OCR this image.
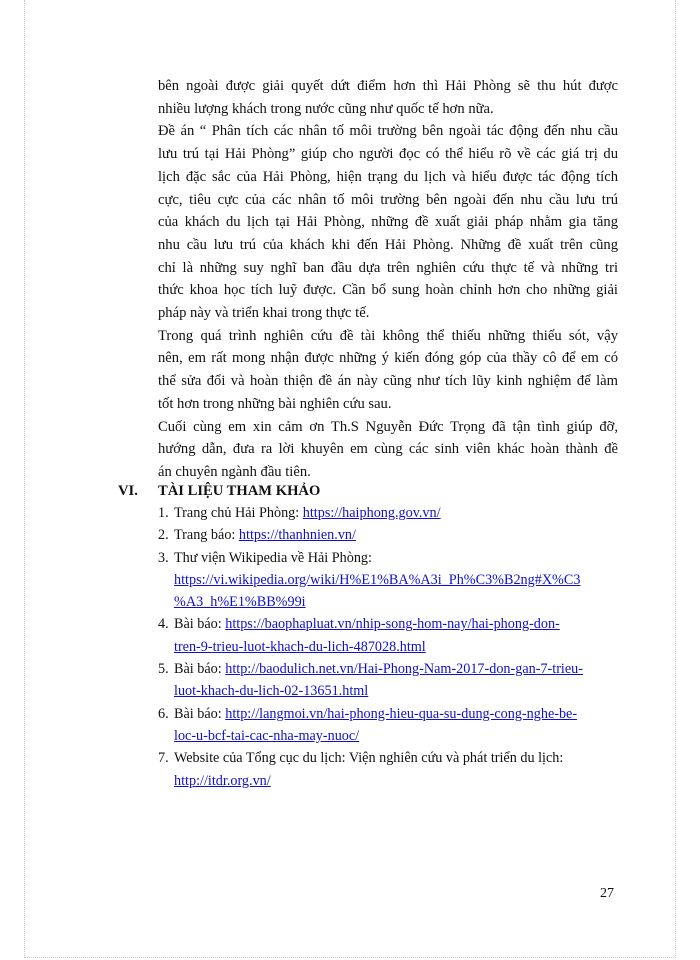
bên ngoài được giải quyết dứt điểm hơn thì Hải Phòng sẽ thu hút được
nhiều lượng khách trong nước cũng như quốc tế hơn nữa.

Đề án “ Phân tích các nhân tố môi trường bên ngoài tác động đến nhu cầu
lưu trú tại Hải Phòng” giúp cho người đọc có thể hiểu rõ về các giá trị du
lịch đặc sắc của Hải Phòng, hiện trạng du lịch và hiểu được tác động tích
cực, tiêu cực của các nhân tố môi trường bên ngoài đến nhu cầu lưu trú
của khách du lịch tại Hải Phòng, những đề xuất giải pháp nhằm gia tăng
nhu cầu lưu trú của khách khi đến Hải Phòng. Những đề xuất trên cũng
chỉ là những suy nghĩ ban đầu dựa trên nghiên cứu thực tế và những tri
thức khoa học tích luỹ được. Cần bổ sung hoàn chỉnh hơn cho những giải
pháp này và triển khai trong thực tế.

Trong quá trình nghiên cứu đề tài không thể thiếu những thiếu sót, vậy
nên, em rất mong nhận được những ý kiến đóng góp của thầy cô để em có
thể sửa đổi và hoàn thiện đề án này cũng như tích lũy kinh nghiệm để làm
tốt hơn trong những bài nghiên cứu sau.

Cuối cùng em xin cảm ơn Th.S Nguyễn Đức Trọng đã tận tình giúp đỡ,
hướng dẫn, đưa ra lời khuyên em cùng các sinh viên khác hoàn thành đề
án chuyên ngành đầu tiên.

VI. TÀI LIỆU THAM KHẢO
1. Trang chủ Hải Phòng: https://haiphong.gov.vn/
2. Trang báo: https://thanhnien.vn/
3. Thư viện Wikipedia về Hải Phòng:
https://vi.wikipedia.org/wiki/H%E1%BA%A3i_Ph%C3%B2ng#X%C3
%A3_h%E1%BB%99i
4. Bài báo: https://baophapluat.vn/nhip-song-hom-nay/hai-phong-don-
tren-9-trieu-luot-khach-du-lich-487028.html
5. Bài báo: http://baodulich.net.vn/Hai-Phong-Nam-2017-don-gan-7-trieu-
luot-khach-du-lich-02-13651.html
6. Bài báo: http://langmoi.vn/hai-phong-hieu-qua-su-dung-cong-nghe-be-
loc-u-bcf-tai-cac-nha-may-nuoc/
7. Website của Tổng cục du lịch: Viện nghiên cứu và phát triển du lịch:
http://itdr.org.vn/
27
